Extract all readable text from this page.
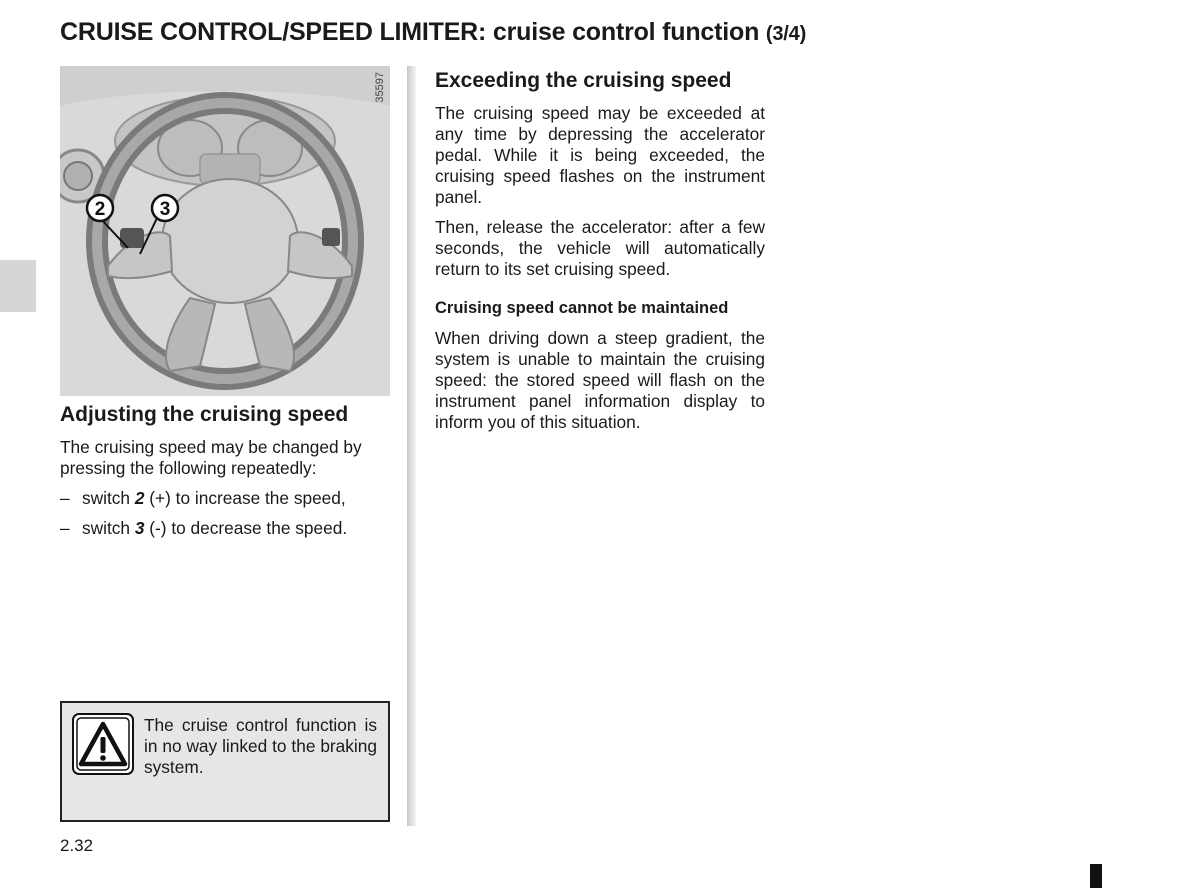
CRUISE CONTROL/SPEED LIMITER: cruise control function (3/4)
2	3
35597
Adjusting the cruising speed

The cruising speed may be changed by pressing the following repeatedly:

– switch 2 (+) to increase the speed,
– switch 3 (-) to decrease the speed.
The cruise control function is in no way linked to the braking system.
Exceeding the cruising speed

The cruising speed may be exceeded at any time by depressing the accelerator pedal. While it is being exceeded, the cruising speed flashes on the instrument panel.

Then, release the accelerator: after a few seconds, the vehicle will automatically return to its set cruising speed.

Cruising speed cannot be maintained

When driving down a steep gradient, the system is unable to maintain the cruising speed: the stored speed will flash on the instrument panel information display to inform you of this situation.

2.32
